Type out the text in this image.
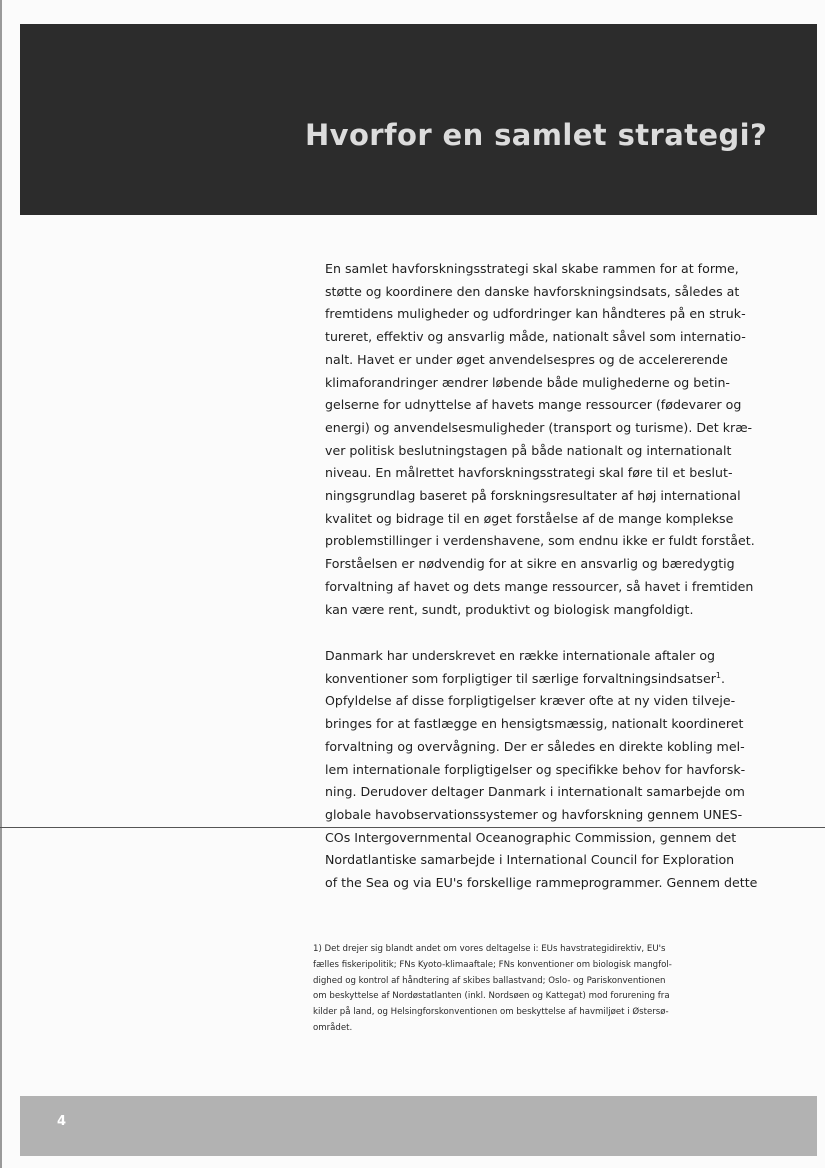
Hvorfor en samlet strategi?
En samlet havforskningsstrategi skal skabe rammen for at forme,
støtte og koordinere den danske havforskningsindsats, således at
fremtidens muligheder og udfordringer kan håndteres på en struk-
tureret, effektiv og ansvarlig måde, nationalt såvel som internatio-
nalt. Havet er under øget anvendelsespres og de accelererende
klimaforandringer ændrer løbende både mulighederne og betin-
gelserne for udnyttelse af havets mange ressourcer (fødevarer og
energi) og anvendelsesmuligheder (transport og turisme). Det kræ-
ver politisk beslutningstagen på både nationalt og internationalt
niveau. En målrettet havforskningsstrategi skal føre til et beslut-
ningsgrundlag baseret på forskningsresultater af høj international
kvalitet og bidrage til en øget forståelse af de mange komplekse
problemstillinger i verdenshavene, som endnu ikke er fuldt forstået.
Forståelsen er nødvendig for at sikre en ansvarlig og bæredygtig
forvaltning af havet og dets mange ressourcer, så havet i fremtiden
kan være rent, sundt, produktivt og biologisk mangfoldigt.
Danmark har underskrevet en række internationale aftaler og
konventioner som forpligtiger til særlige forvaltningsindsatser$^1$.
Opfyldelse af disse forpligtigelser kræver ofte at ny viden tilveje-
bringes for at fastlægge en hensigtsmæssig, nationalt koordineret
forvaltning og overvågning. Der er således en direkte kobling mel-
lem internationale forpligtigelser og specifikke behov for havforsk-
ning. Derudover deltager Danmark i internationalt samarbejde om
globale havobservationssystemer og havforskning gennem UNES-
COs Intergovernmental Oceanographic Commission, gennem det
Nordatlantiske samarbejde i International Council for Exploration
of the Sea og via EU's forskellige rammeprogrammer. Gennem dette
1) Det drejer sig blandt andet om vores deltagelse i: EUs havstrategidirektiv, EU's
fælles fiskeripolitik; FNs Kyoto-klimaaftale; FNs konventioner om biologisk mangfol-
dighed og kontrol af håndtering af skibes ballastvand; Oslo- og Pariskonventionen
om beskyttelse af Nordøstatlanten (inkl. Nordsøen og Kattegat) mod forurening fra
kilder på land, og Helsingforskonventionen om beskyttelse af havmiljøet i Østersø-
området.
4
